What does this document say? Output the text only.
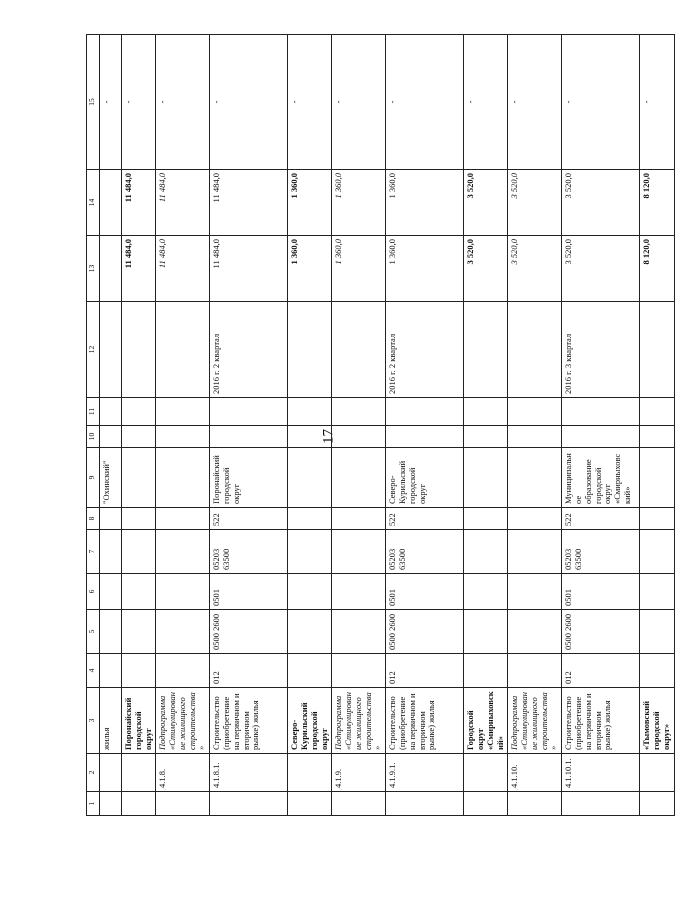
17
1	2	3	4	5	6	7	8	9	10	11	12	13	14	15
		жилья						"Охинский"						-
		Поронайский городской округ										11 484,0	11 484,0	-
	4.1.8.	Подпрограмма «Стимулирование жилищного строительства»										11 484,0	11 484,0	-
	4.1.8.1.	Строительство (приобретение на первичном и вторичном рынке) жилья	012	0500 2600	0501	05203 63500	522	Поронайский городской округ			2016 г. 2 квартал	11 484,0	11 484,0	-
		Северо-Курильский городской округ										1 360,0	1 360,0	-
	4.1.9.	Подпрограмма «Стимулирование жилищного строительства»										1 360,0	1 360,0	-
	4.1.9.1.	Строительство (приобретение на первичном и вторичном рынке) жилья	012	0500 2600	0501	05203 63500	522	Северо-Курильский городской округ			2016 г. 2 квартал	1 360,0	1 360,0	-
		Городской округ «Смирныховский»										3 520,0	3 520,0	-
	4.1.10.	Подпрограмма «Стимулирование жилищного строительства»										3 520,0	3 520,0	-
	4.1.10.1.	Строительство (приобретение на первичном и вторичном рынке) жилья	012	0500 2600	0501	05203 63500	522	Муниципальное образование городской округ «Смирныховский»			2016 г. 3 квартал	3 520,0	3 520,0	-
		«Тымовский городской округ»										8 120,0	8 120,0	-
